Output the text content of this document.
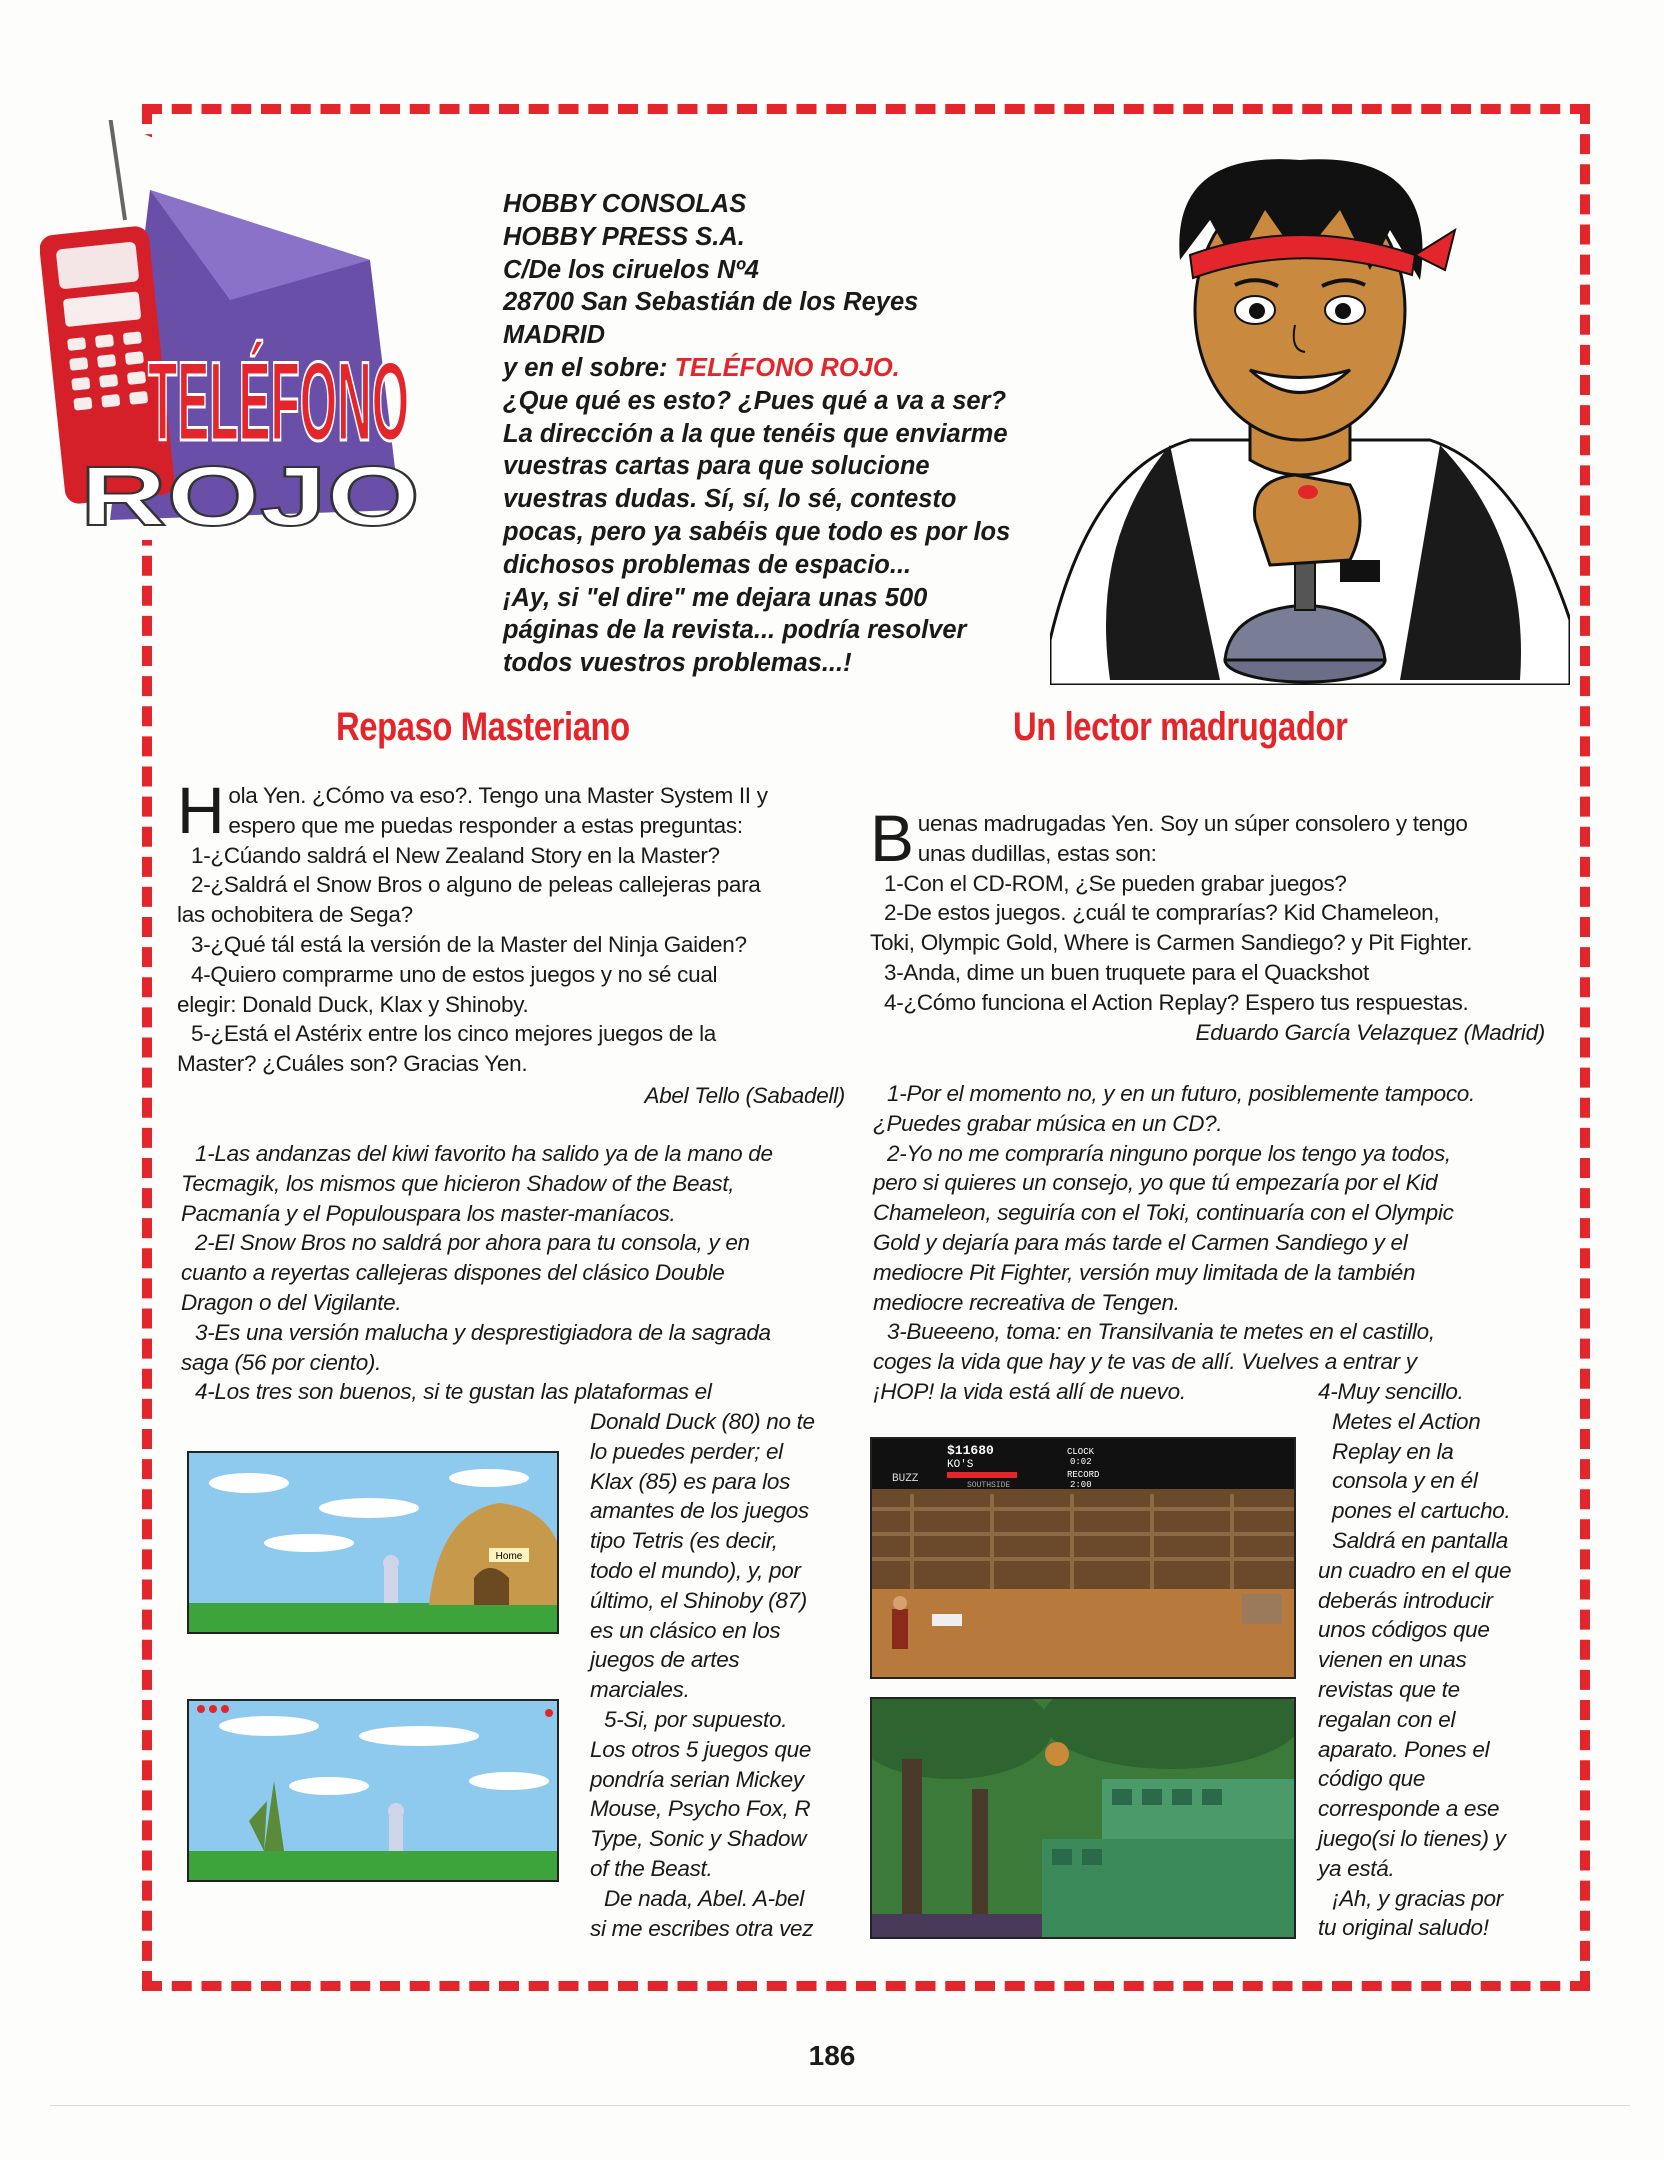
TELÉFONO
ROJO
HOBBY CONSOLAS
HOBBY PRESS S.A.
C/De los ciruelos Nº4
28700 San Sebastián de los Reyes
MADRID
y en el sobre: TELÉFONO ROJO.
¿Que qué es esto? ¿Pues qué a va a ser?
La dirección a la que tenéis que enviarme
vuestras cartas para que solucione
vuestras dudas. Sí, sí, lo sé, contesto
pocas, pero ya sabéis que todo es por los
dichosos problemas de espacio...
¡Ay, si "el dire" me dejara unas 500
páginas de la revista... podría resolver
todos vuestros problemas...!
Repaso Masteriano	Un lector madrugador
H ola Yen. ¿Cómo va eso?. Tengo una Master System II y

espero que me puedas responder a estas preguntas:

1-¿Cúando saldrá el New Zealand Story en la Master?

2-¿Saldrá el Snow Bros o alguno de peleas callejeras para

las ochobitera de Sega?

3-¿Qué tál está la versión de la Master del Ninja Gaiden?

4-Quiero comprarme uno de estos juegos y no sé cual

elegir: Donald Duck, Klax y Shinoby.

5-¿Está el Astérix entre los cinco mejores juegos de la

Master? ¿Cuáles son? Gracias Yen.

Abel Tello (Sabadell)

1-Las andanzas del kiwi favorito ha salido ya de la mano de

Tecmagik, los mismos que hicieron Shadow of the Beast,

Pacmanía y el Populouspara los master-maníacos.

2-El Snow Bros no saldrá por ahora para tu consola, y en

cuanto a reyertas callejeras dispones del clásico Double

Dragon o del Vigilante.

3-Es una versión malucha y desprestigiadora de la sagrada

saga (56 por ciento).

4-Los tres son buenos, si te gustan las plataformas el

Donald Duck (80) no te

lo puedes perder; el

Klax (85) es para los

amantes de los juegos

tipo Tetris (es decir,

todo el mundo), y, por

último, el Shinoby (87)

es un clásico en los

juegos de artes

marciales.

5-Si, por supuesto.

Los otros 5 juegos que

pondría serian Mickey

Mouse, Psycho Fox, R

Type, Sonic y Shadow

of the Beast.

De nada, Abel. A-bel

si me escribes otra vez

Home
B uenas madrugadas Yen. Soy un súper consolero y tengo

unas dudillas, estas son:

1-Con el CD-ROM, ¿Se pueden grabar juegos?

2-De estos juegos. ¿cuál te comprarías? Kid Chameleon,

Toki, Olympic Gold, Where is Carmen Sandiego? y Pit Fighter.

3-Anda, dime un buen truquete para el Quackshot

4-¿Cómo funciona el Action Replay? Espero tus respuestas.

Eduardo García Velazquez (Madrid)

1-Por el momento no, y en un futuro, posiblemente tampoco.

¿Puedes grabar música en un CD?.

2-Yo no me compraría ninguno porque los tengo ya todos,

pero si quieres un consejo, yo que tú empezaría por el Kid

Chameleon, seguiría con el Toki, continuaría con el Olympic

Gold y dejaría para más tarde el Carmen Sandiego y el

mediocre Pit Fighter, versión muy limitada de la también

mediocre recreativa de Tengen.

3-Bueeeno, toma: en Transilvania te metes en el castillo,

coges la vida que hay y te vas de allí. Vuelves a entrar y

¡HOP! la vida está allí de nuevo.	4-Muy sencillo.

Metes el Action

Replay en la

consola y en él

pones el cartucho.

Saldrá en pantalla

un cuadro en el que

deberás introducir

unos códigos que

vienen en unas

revistas que te

regalan con el

aparato. Pones el

código que

corresponde a ese

juego(si lo tienes) y

ya está.

¡Ah, y gracias por

tu original saludo!

$11680
KO'S
BUZZ
SOUTHSIDE
CLOCK
0:02
RECORD
2:00
186
